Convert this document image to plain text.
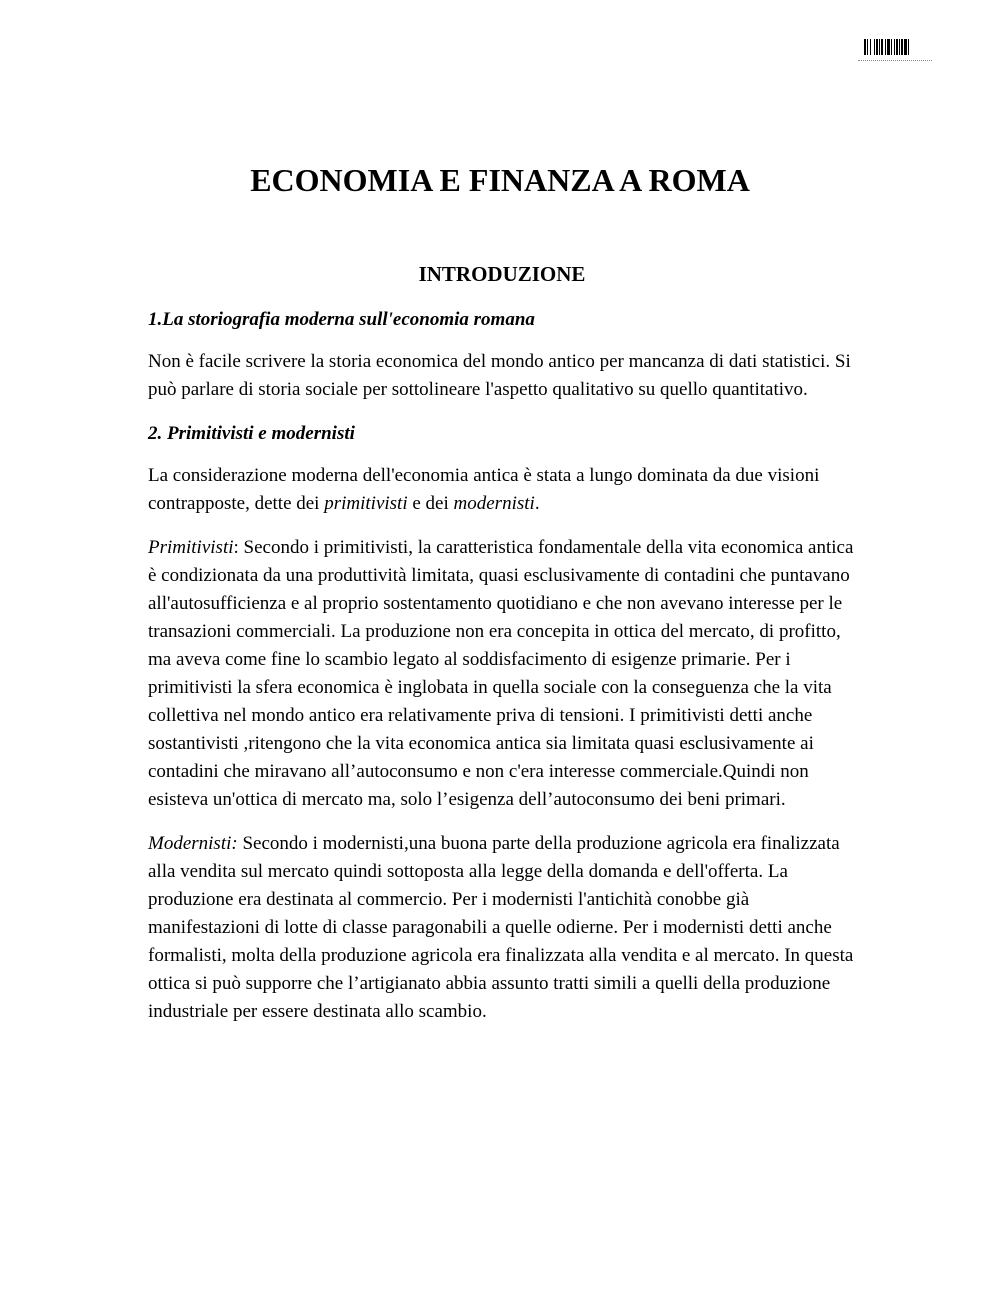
ECONOMIA E FINANZA A ROMA
INTRODUZIONE
1.La storiografia moderna sull'economia romana

Non è facile scrivere la storia economica del mondo antico per mancanza di dati statistici. Si può parlare di storia sociale per sottolineare l'aspetto qualitativo su quello quantitativo.

2. Primitivisti e modernisti

La considerazione moderna dell'economia antica è stata a lungo dominata da due visioni contrapposte, dette dei primitivisti e dei modernisti.

Primitivisti: Secondo i primitivisti, la caratteristica fondamentale della vita economica antica è condizionata da una produttività limitata, quasi esclusivamente di contadini che puntavano all'autosufficienza e al proprio sostentamento quotidiano e che non avevano interesse per le transazioni commerciali. La produzione non era concepita in ottica del mercato, di profitto, ma aveva come fine lo scambio legato al soddisfacimento di esigenze primarie. Per i primitivisti la sfera economica è inglobata in quella sociale con la conseguenza che la vita collettiva nel mondo antico era relativamente priva di tensioni. I primitivisti detti anche sostantivisti ,ritengono che la vita economica antica sia limitata quasi esclusivamente ai contadini che miravano all’autoconsumo e non c'era interesse commerciale.Quindi non esisteva un'ottica di mercato ma, solo l’esigenza dell’autoconsumo dei beni primari.

Modernisti: Secondo i modernisti,una buona parte della produzione agricola era finalizzata alla vendita sul mercato quindi sottoposta alla legge della domanda e dell'offerta. La produzione era destinata al commercio. Per i modernisti l'antichità conobbe già manifestazioni di lotte di classe paragonabili a quelle odierne. Per i modernisti detti anche formalisti, molta della produzione agricola era finalizzata alla vendita e al mercato. In questa ottica si può supporre che l’artigianato abbia assunto tratti simili a quelli della produzione industriale per essere destinata allo scambio.
